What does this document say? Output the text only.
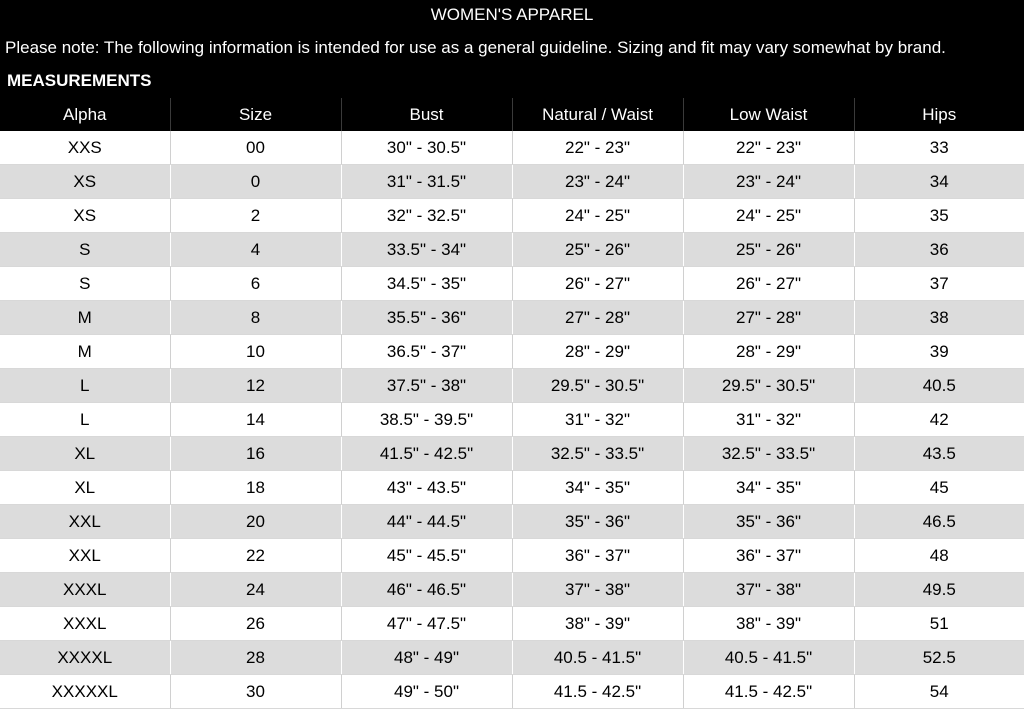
WOMEN'S APPAREL
Please note: The following information is intended for use as a general guideline. Sizing and fit may vary somewhat by brand.
MEASUREMENTS
Alpha	Size	Bust	Natural / Waist	Low Waist	Hips
XXS	00	30" - 30.5"	22" - 23"	22" - 23"	33
XS	0	31" - 31.5"	23" - 24"	23" - 24"	34
XS	2	32" - 32.5"	24" - 25"	24" - 25"	35
S	4	33.5" - 34"	25" - 26"	25" - 26"	36
S	6	34.5" - 35"	26" - 27"	26" - 27"	37
M	8	35.5" - 36"	27" - 28"	27" - 28"	38
M	10	36.5" - 37"	28" - 29"	28" - 29"	39
L	12	37.5" - 38"	29.5" - 30.5"	29.5" - 30.5"	40.5
L	14	38.5" - 39.5"	31" - 32"	31" - 32"	42
XL	16	41.5" - 42.5"	32.5" - 33.5"	32.5" - 33.5"	43.5
XL	18	43" - 43.5"	34" - 35"	34" - 35"	45
XXL	20	44" - 44.5"	35" - 36"	35" - 36"	46.5
XXL	22	45" - 45.5"	36" - 37"	36" - 37"	48
XXXL	24	46" - 46.5"	37" - 38"	37" - 38"	49.5
XXXL	26	47" - 47.5"	38" - 39"	38" - 39"	51
XXXXL	28	48" - 49"	40.5 - 41.5"	40.5 - 41.5"	52.5
XXXXXL	30	49" - 50"	41.5 - 42.5"	41.5 - 42.5"	54
